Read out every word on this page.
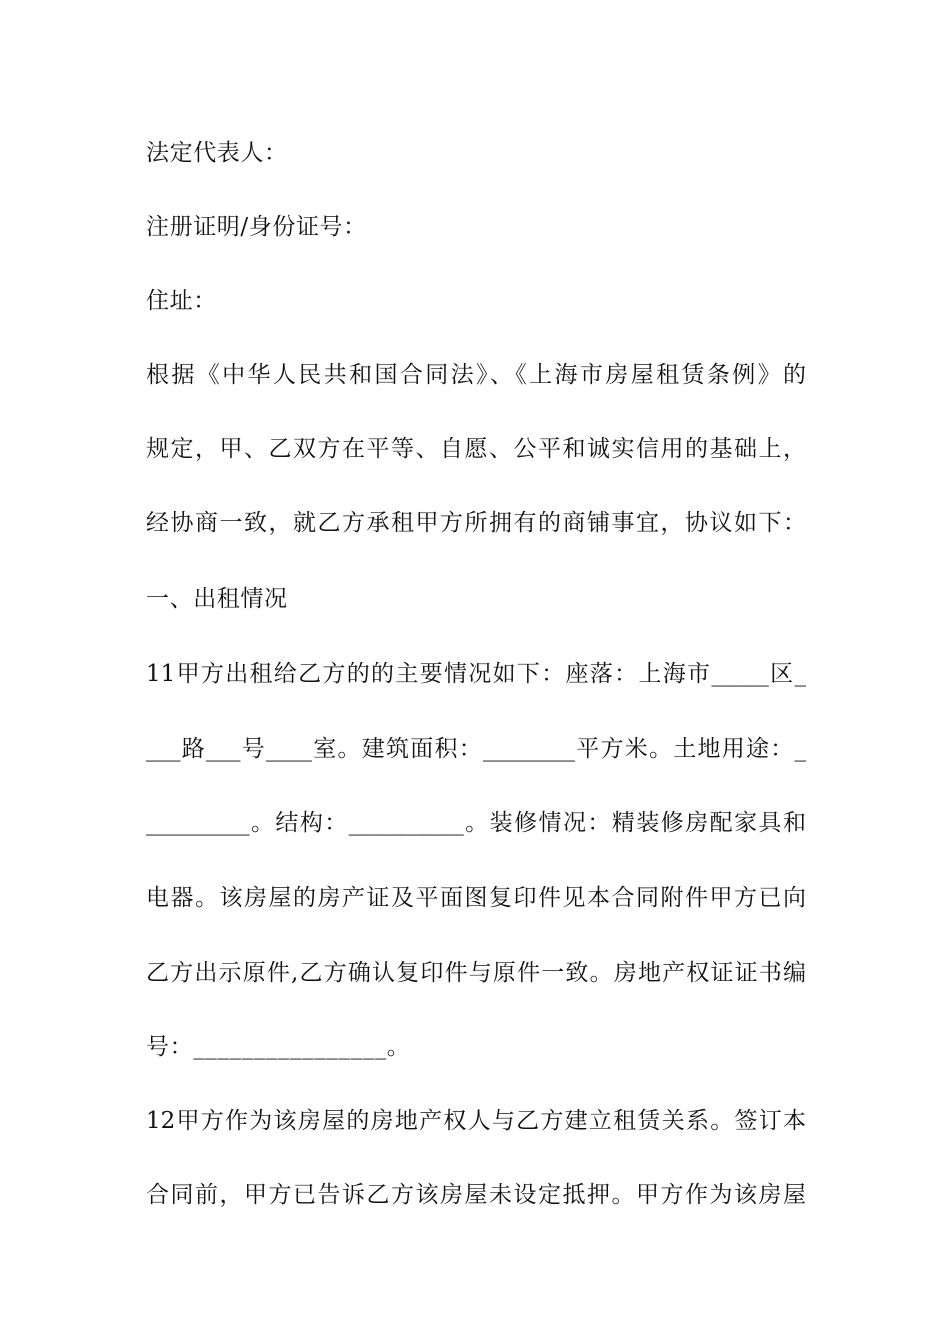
法定代表人：
注册证明/身份证号：
住址：
根据《中华人民共和国合同法》、《上海市房屋租赁条例》的
规定，甲、乙双方在平等、自愿、公平和诚实信用的基础上，
经协商一致，就乙方承租甲方所拥有的商铺事宜，协议如下：
一、出租情况
11甲方出租给乙方的的主要情况如下：座落：上海市_____区_
___路___号____室。建筑面积：________平方米。土地用途：_
_________。结构：__________。装修情况：精装修房配家具和
电器。该房屋的房产证及平面图复印件见本合同附件甲方已向
乙方出示原件,乙方确认复印件与原件一致。房地产权证证书编
号：________________。
12甲方作为该房屋的房地产权人与乙方建立租赁关系。签订本
合同前，甲方已告诉乙方该房屋未设定抵押。甲方作为该房屋
